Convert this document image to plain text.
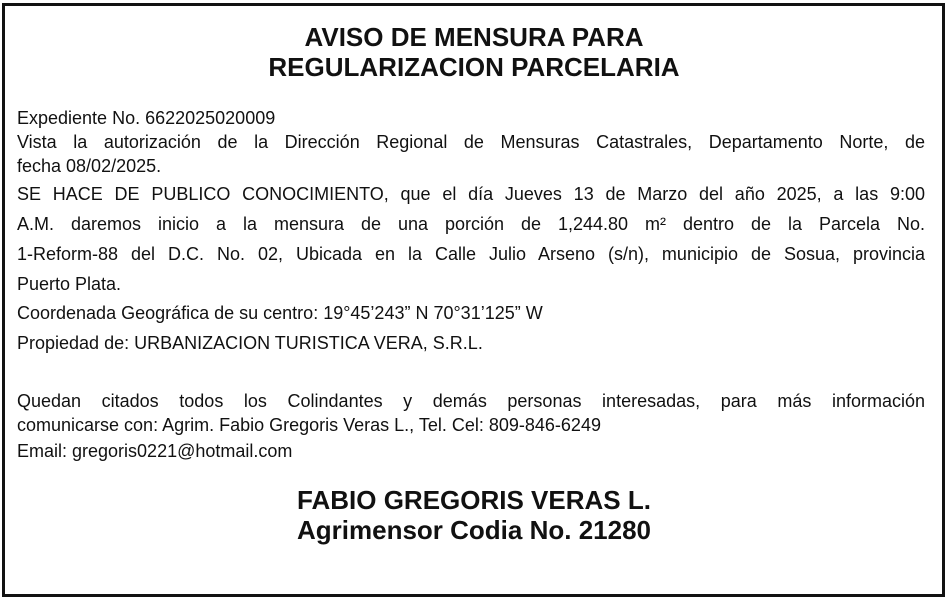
AVISO DE MENSURA PARA
REGULARIZACION PARCELARIA
Expediente No. 6622025020009
Vista la autorización de la Dirección Regional de Mensuras Catastrales, Departamento Norte, de
fecha 08/02/2025.
SE HACE DE PUBLICO CONOCIMIENTO, que el día Jueves 13 de Marzo del año 2025, a las 9:00
A.M. daremos inicio a la mensura de una porción de 1,244.80 m² dentro de la Parcela No.
1-Reform-88 del D.C. No. 02, Ubicada en la Calle Julio Arseno (s/n), municipio de Sosua, provincia
Puerto Plata.
Coordenada Geográfica de su centro: 19°45’243” N 70°31’125” W
Propiedad de: URBANIZACION TURISTICA VERA, S.R.L.
Quedan citados todos los Colindantes y demás personas interesadas, para más información
comunicarse con: Agrim. Fabio Gregoris Veras L., Tel. Cel: 809-846-6249
Email: gregoris0221@hotmail.com
FABIO GREGORIS VERAS L.
Agrimensor Codia No. 21280
